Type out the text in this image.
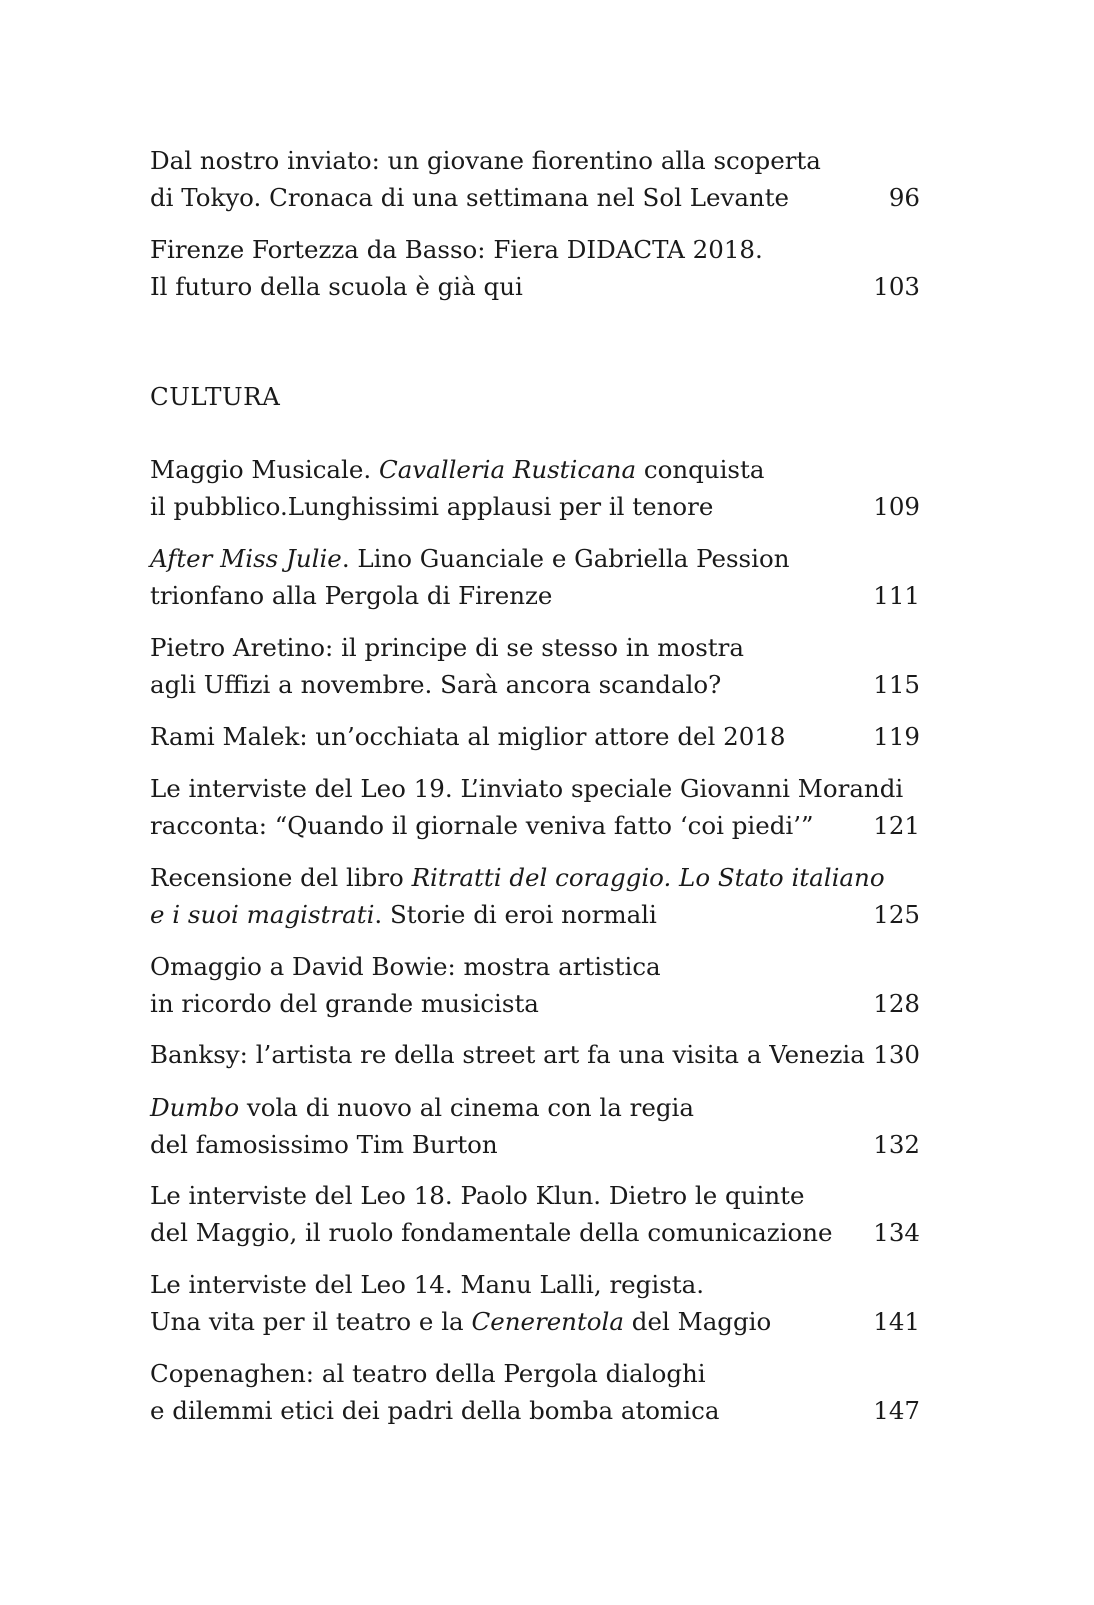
Dal nostro inviato: un giovane fiorentino alla scoperta
di Tokyo. Cronaca di una settimana nel Sol Levante	96
Firenze Fortezza da Basso: Fiera DIDACTA 2018.
Il futuro della scuola è già qui	103
CULTURA
Maggio Musicale. Cavalleria Rusticana conquista
il pubblico.Lunghissimi applausi per il tenore	109
After Miss Julie. Lino Guanciale e Gabriella Pession
trionfano alla Pergola di Firenze	111
Pietro Aretino: il principe di se stesso in mostra
agli Uffizi a novembre. Sarà ancora scandalo?	115
Rami Malek: un’occhiata al miglior attore del 2018	119
Le interviste del Leo 19. L’inviato speciale Giovanni Morandi
racconta: “Quando il giornale veniva fatto ‘coi piedi’” 121
Recensione del libro Ritratti del coraggio. Lo Stato italiano
e i suoi magistrati. Storie di eroi normali	125
Omaggio a David Bowie: mostra artistica
in ricordo del grande musicista	128
Banksy: l’artista re della street art fa una visita a Venezia 130
Dumbo vola di nuovo al cinema con la regia
del famosissimo Tim Burton	132
Le interviste del Leo 18. Paolo Klun. Dietro le quinte
del Maggio, il ruolo fondamentale della comunicazione 134
Le interviste del Leo 14. Manu Lalli, regista.
Una vita per il teatro e la Cenerentola del Maggio	141
Copenaghen: al teatro della Pergola dialoghi
e dilemmi etici dei padri della bomba atomica	147
